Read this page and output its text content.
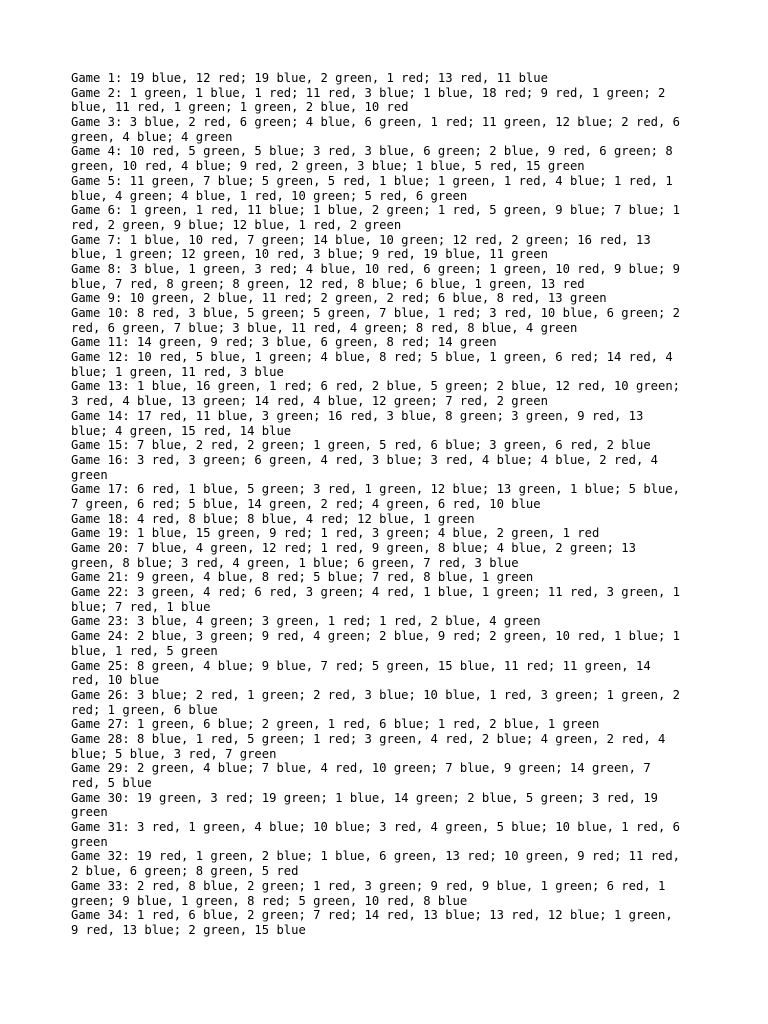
Game 1: 19 blue, 12 red; 19 blue, 2 green, 1 red; 13 red, 11 blue
Game 2: 1 green, 1 blue, 1 red; 11 red, 3 blue; 1 blue, 18 red; 9 red, 1 green; 2
blue, 11 red, 1 green; 1 green, 2 blue, 10 red
Game 3: 3 blue, 2 red, 6 green; 4 blue, 6 green, 1 red; 11 green, 12 blue; 2 red, 6
green, 4 blue; 4 green
Game 4: 10 red, 5 green, 5 blue; 3 red, 3 blue, 6 green; 2 blue, 9 red, 6 green; 8
green, 10 red, 4 blue; 9 red, 2 green, 3 blue; 1 blue, 5 red, 15 green
Game 5: 11 green, 7 blue; 5 green, 5 red, 1 blue; 1 green, 1 red, 4 blue; 1 red, 1
blue, 4 green; 4 blue, 1 red, 10 green; 5 red, 6 green
Game 6: 1 green, 1 red, 11 blue; 1 blue, 2 green; 1 red, 5 green, 9 blue; 7 blue; 1
red, 2 green, 9 blue; 12 blue, 1 red, 2 green
Game 7: 1 blue, 10 red, 7 green; 14 blue, 10 green; 12 red, 2 green; 16 red, 13
blue, 1 green; 12 green, 10 red, 3 blue; 9 red, 19 blue, 11 green
Game 8: 3 blue, 1 green, 3 red; 4 blue, 10 red, 6 green; 1 green, 10 red, 9 blue; 9
blue, 7 red, 8 green; 8 green, 12 red, 8 blue; 6 blue, 1 green, 13 red
Game 9: 10 green, 2 blue, 11 red; 2 green, 2 red; 6 blue, 8 red, 13 green
Game 10: 8 red, 3 blue, 5 green; 5 green, 7 blue, 1 red; 3 red, 10 blue, 6 green; 2
red, 6 green, 7 blue; 3 blue, 11 red, 4 green; 8 red, 8 blue, 4 green
Game 11: 14 green, 9 red; 3 blue, 6 green, 8 red; 14 green
Game 12: 10 red, 5 blue, 1 green; 4 blue, 8 red; 5 blue, 1 green, 6 red; 14 red, 4
blue; 1 green, 11 red, 3 blue
Game 13: 1 blue, 16 green, 1 red; 6 red, 2 blue, 5 green; 2 blue, 12 red, 10 green;
3 red, 4 blue, 13 green; 14 red, 4 blue, 12 green; 7 red, 2 green
Game 14: 17 red, 11 blue, 3 green; 16 red, 3 blue, 8 green; 3 green, 9 red, 13
blue; 4 green, 15 red, 14 blue
Game 15: 7 blue, 2 red, 2 green; 1 green, 5 red, 6 blue; 3 green, 6 red, 2 blue
Game 16: 3 red, 3 green; 6 green, 4 red, 3 blue; 3 red, 4 blue; 4 blue, 2 red, 4
green
Game 17: 6 red, 1 blue, 5 green; 3 red, 1 green, 12 blue; 13 green, 1 blue; 5 blue,
7 green, 6 red; 5 blue, 14 green, 2 red; 4 green, 6 red, 10 blue
Game 18: 4 red, 8 blue; 8 blue, 4 red; 12 blue, 1 green
Game 19: 1 blue, 15 green, 9 red; 1 red, 3 green; 4 blue, 2 green, 1 red
Game 20: 7 blue, 4 green, 12 red; 1 red, 9 green, 8 blue; 4 blue, 2 green; 13
green, 8 blue; 3 red, 4 green, 1 blue; 6 green, 7 red, 3 blue
Game 21: 9 green, 4 blue, 8 red; 5 blue; 7 red, 8 blue, 1 green
Game 22: 3 green, 4 red; 6 red, 3 green; 4 red, 1 blue, 1 green; 11 red, 3 green, 1
blue; 7 red, 1 blue
Game 23: 3 blue, 4 green; 3 green, 1 red; 1 red, 2 blue, 4 green
Game 24: 2 blue, 3 green; 9 red, 4 green; 2 blue, 9 red; 2 green, 10 red, 1 blue; 1
blue, 1 red, 5 green
Game 25: 8 green, 4 blue; 9 blue, 7 red; 5 green, 15 blue, 11 red; 11 green, 14
red, 10 blue
Game 26: 3 blue; 2 red, 1 green; 2 red, 3 blue; 10 blue, 1 red, 3 green; 1 green, 2
red; 1 green, 6 blue
Game 27: 1 green, 6 blue; 2 green, 1 red, 6 blue; 1 red, 2 blue, 1 green
Game 28: 8 blue, 1 red, 5 green; 1 red; 3 green, 4 red, 2 blue; 4 green, 2 red, 4
blue; 5 blue, 3 red, 7 green
Game 29: 2 green, 4 blue; 7 blue, 4 red, 10 green; 7 blue, 9 green; 14 green, 7
red, 5 blue
Game 30: 19 green, 3 red; 19 green; 1 blue, 14 green; 2 blue, 5 green; 3 red, 19
green
Game 31: 3 red, 1 green, 4 blue; 10 blue; 3 red, 4 green, 5 blue; 10 blue, 1 red, 6
green
Game 32: 19 red, 1 green, 2 blue; 1 blue, 6 green, 13 red; 10 green, 9 red; 11 red,
2 blue, 6 green; 8 green, 5 red
Game 33: 2 red, 8 blue, 2 green; 1 red, 3 green; 9 red, 9 blue, 1 green; 6 red, 1
green; 9 blue, 1 green, 8 red; 5 green, 10 red, 8 blue
Game 34: 1 red, 6 blue, 2 green; 7 red; 14 red, 13 blue; 13 red, 12 blue; 1 green,
9 red, 13 blue; 2 green, 15 blue
